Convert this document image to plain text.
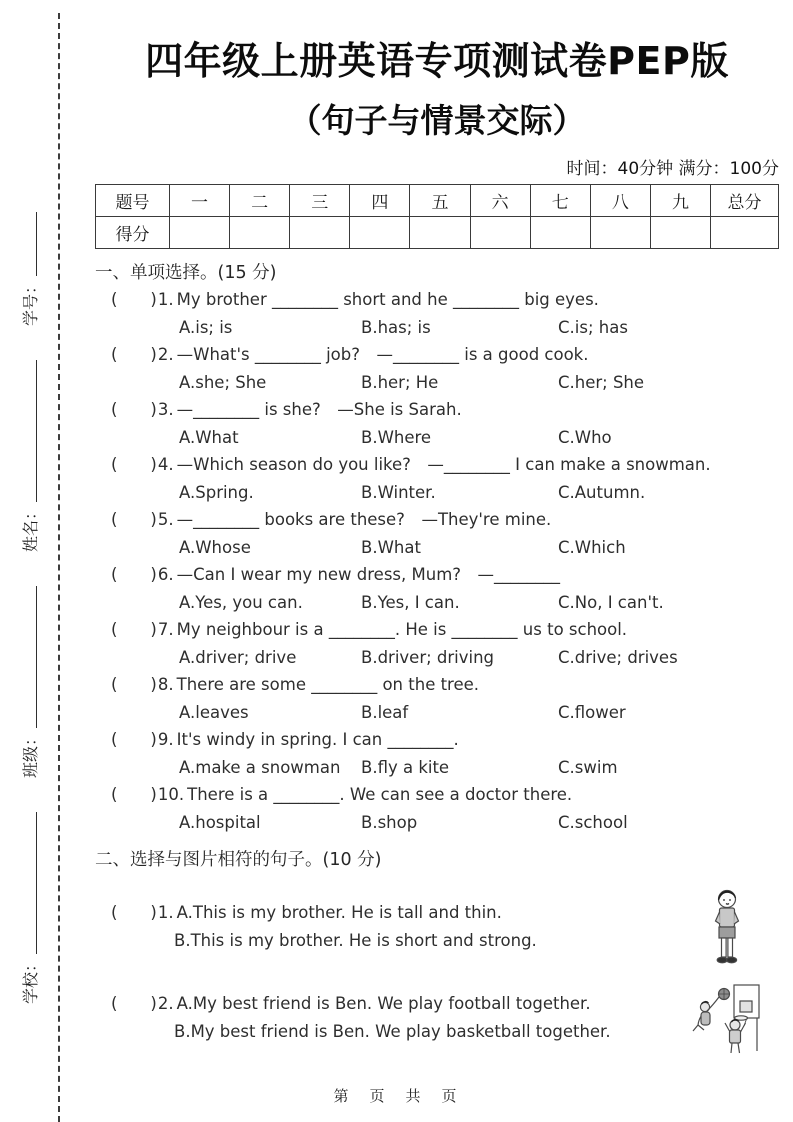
学校：
班级：
姓名：
学号：
四年级上册英语专项测试卷PEP版
（句子与情景交际）
时间：40分钟 满分：100分
题号	一	二	三	四	五	六	七	八	九	总分
得分										
一、单项选择。(15 分)
(　　) 1. My brother ________ short and he ________ big eyes.
A.is; is	B.has; is	C.is; has
(　　) 2. —What's ________ job?　—________ is a good cook.
A.she; She	B.her; He	C.her; She
(　　) 3. —________ is she?　—She is Sarah.
A.What	B.Where	C.Who
(　　) 4. —Which season do you like?　—________ I can make a snowman.
A.Spring.	B.Winter.	C.Autumn.
(　　) 5. —________ books are these?　—They're mine.
A.Whose	B.What	C.Which
(　　) 6. —Can I wear my new dress, Mum?　—________
A.Yes, you can.	B.Yes, I can.	C.No, I can't.
(　　) 7. My neighbour is a ________. He is ________ us to school.
A.driver; drive	B.driver; driving	C.drive; drives
(　　) 8. There are some ________ on the tree.
A.leaves	B.leaf	C.flower
(　　) 9. It's windy in spring. I can ________.
A.make a snowman	B.fly a kite	C.swim
(　　) 10. There is a ________. We can see a doctor there.
A.hospital	B.shop	C.school
二、选择与图片相符的句子。(10 分)
(　　) 1. A.This is my brother. He is tall and thin.
B.This is my brother. He is short and strong.
(　　) 2. A.My best friend is Ben. We play football together.
B.My best friend is Ben. We play basketball together.
第　页　共　页
